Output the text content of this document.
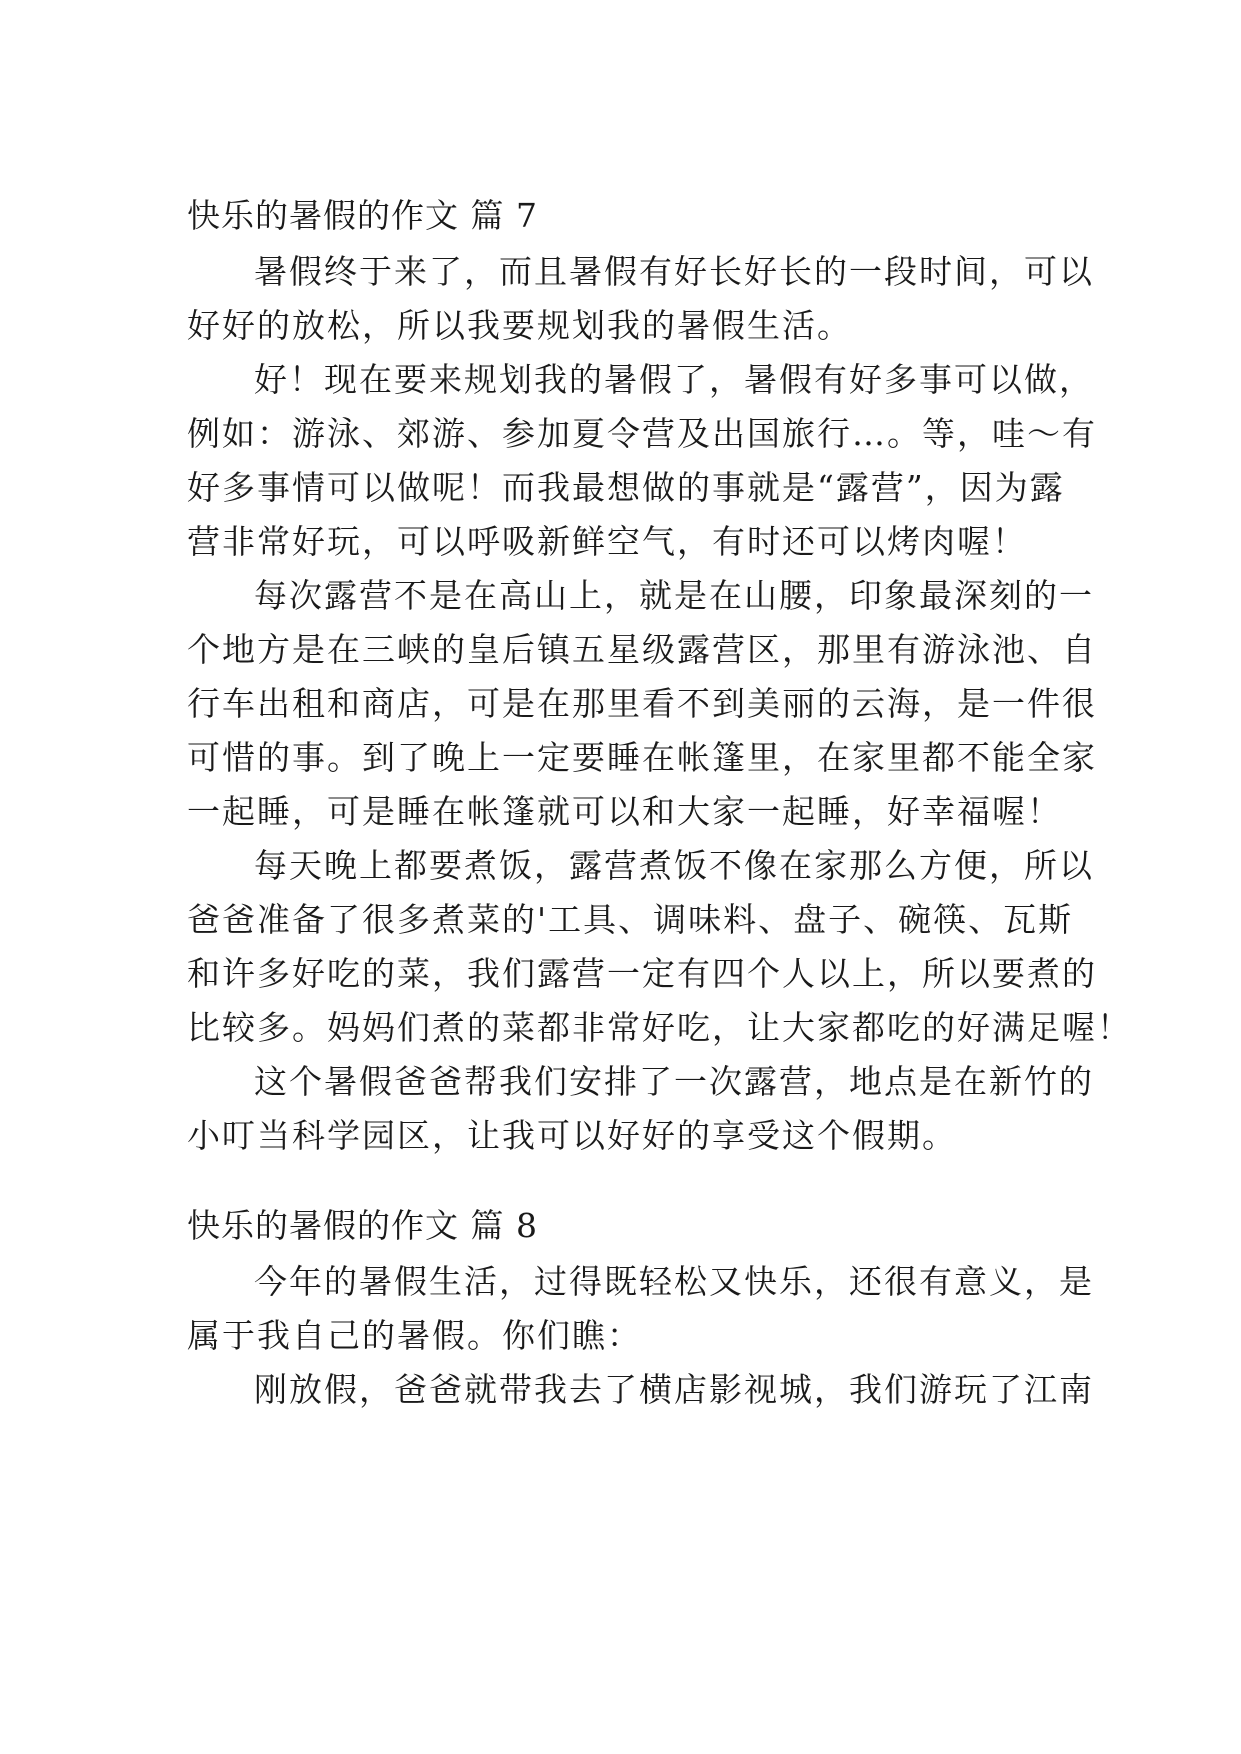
快乐的暑假的作文 篇 7
暑假终于来了，而且暑假有好长好长的一段时间，可以
好好的放松，所以我要规划我的暑假生活。
好！现在要来规划我的暑假了，暑假有好多事可以做，
例如：游泳、郊游、参加夏令营及出国旅行…。等，哇～有
好多事情可以做呢！而我最想做的事就是“露营”，因为露
营非常好玩，可以呼吸新鲜空气，有时还可以烤肉喔！
每次露营不是在高山上，就是在山腰，印象最深刻的一
个地方是在三峡的皇后镇五星级露营区，那里有游泳池、自
行车出租和商店，可是在那里看不到美丽的云海，是一件很
可惜的事。到了晚上一定要睡在帐篷里，在家里都不能全家
一起睡，可是睡在帐篷就可以和大家一起睡，好幸福喔！
每天晚上都要煮饭，露营煮饭不像在家那么方便，所以
爸爸准备了很多煮菜的'工具、调味料、盘子、碗筷、瓦斯
和许多好吃的菜，我们露营一定有四个人以上，所以要煮的
比较多。妈妈们煮的菜都非常好吃，让大家都吃的好满足喔！
这个暑假爸爸帮我们安排了一次露营，地点是在新竹的
小叮当科学园区，让我可以好好的享受这个假期。
快乐的暑假的作文 篇 8
今年的暑假生活，过得既轻松又快乐，还很有意义，是
属于我自己的暑假。你们瞧：
刚放假，爸爸就带我去了横店影视城，我们游玩了江南
